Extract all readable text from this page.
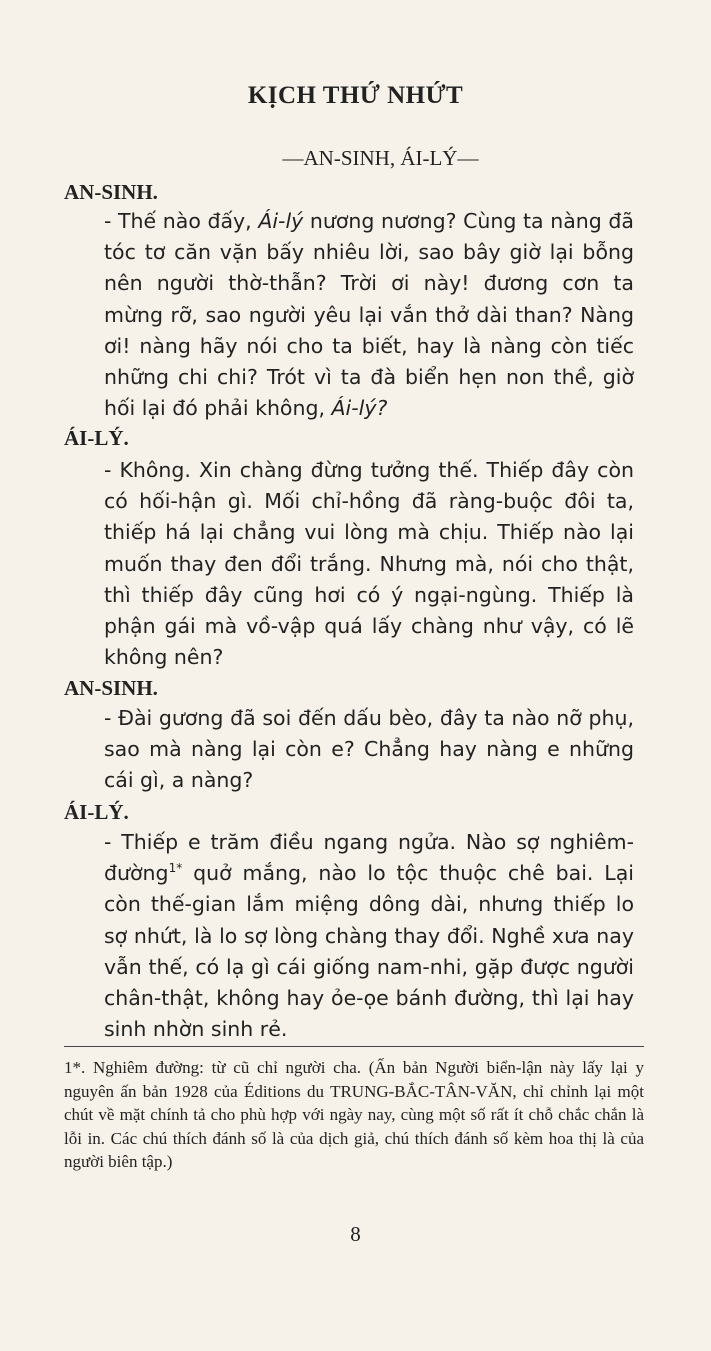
KỊCH THỨ NHỨT
—AN-SINH, ÁI-LÝ—
AN-SINH.

- Thế nào đấy, Ái-lý nương nương? Cùng ta nàng đã tóc tơ căn vặn bấy nhiêu lời, sao bây giờ lại bỗng nên người thờ-thẫn? Trời ơi này! đương cơn ta mừng rỡ, sao người yêu lại vắn thở dài than? Nàng ơi! nàng hãy nói cho ta biết, hay là nàng còn tiếc những chi chi? Trót vì ta đà biển hẹn non thề, giờ hối lại đó phải không, Ái-lý?

ÁI-LÝ.

- Không. Xin chàng đừng tưởng thế. Thiếp đây còn có hối-hận gì. Mối chỉ-hồng đã ràng-buộc đôi ta, thiếp há lại chẳng vui lòng mà chịu. Thiếp nào lại muốn thay đen đổi trắng. Nhưng mà, nói cho thật, thì thiếp đây cũng hơi có ý ngại-ngùng. Thiếp là phận gái mà vồ-vập quá lấy chàng như vậy, có lẽ không nên?

AN-SINH.

- Đài gương đã soi đến dấu bèo, đây ta nào nỡ phụ, sao mà nàng lại còn e? Chẳng hay nàng e những cái gì, a nàng?

ÁI-LÝ.

- Thiếp e trăm điều ngang ngửa. Nào sợ nghiêm-đường$^{1*}$ quở mắng, nào lo tộc thuộc chê bai. Lại còn thế-gian lắm miệng dông dài, nhưng thiếp lo sợ nhứt, là lo sợ lòng chàng thay đổi. Nghề xưa nay vẫn thế, có lạ gì cái giống nam-nhi, gặp được người chân-thật, không hay ỏe-ọe bánh đường, thì lại hay sinh nhờn sinh rẻ.

1*. Nghiêm đường: từ cũ chỉ người cha. (Ấn bản Người biển-lận này lấy lại y nguyên ấn bản 1928 của Éditions du TRUNG-BẮC-TÂN-VĂN, chỉ chỉnh lại một chút về mặt chính tả cho phù hợp với ngày nay, cùng một số rất ít chỗ chắc chắn là lỗi in. Các chú thích đánh số là của dịch giả, chú thích đánh số kèm hoa thị là của người biên tập.)

8
